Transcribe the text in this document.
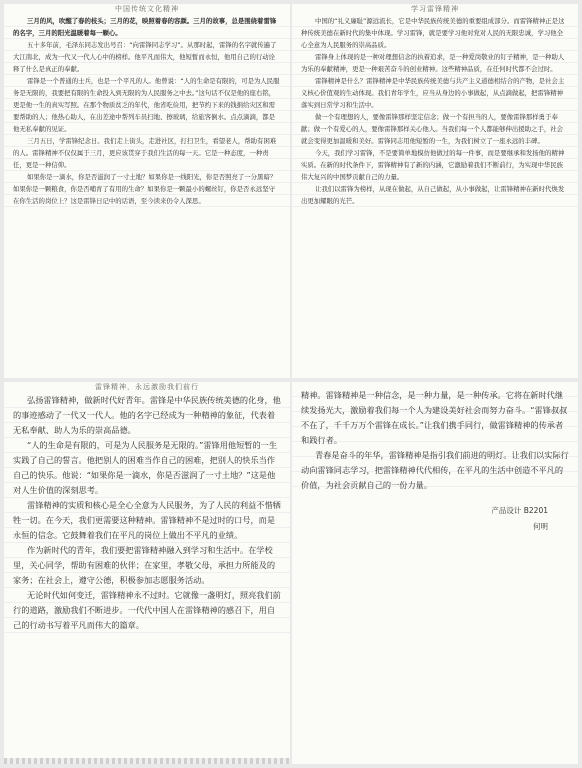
中国传统文化精神

三月的风，吹醒了春的枝头；三月的花，映照着春的容颜。三月的故事，总是围绕着雷锋的名字，三月的阳光温暖着每一颗心。

五十多年前，毛泽东同志发出号召：“向雷锋同志学习”。从那时起，雷锋的名字就传遍了大江南北，成为一代又一代人心中的榜样。他平凡而伟大，他短暂而永恒，他用自己的行动诠释了什么是真正的奉献。

雷锋是一个普通的士兵，也是一个平凡的人。他曾说：“人的生命是有限的，可是为人民服务是无限的，我要把有限的生命投入到无限的为人民服务之中去。”这句话不仅是他的座右铭，更是他一生的真实写照。在那个物质贫乏的年代，他省吃俭用，把节约下来的钱捐给灾区和需要帮助的人；他热心助人，在出差途中帮列车员扫地、擦玻璃，给旅客倒水。点点滴滴，都是他无私奉献的见证。

三月五日，学雷锋纪念日。我们走上街头，走进社区，打扫卫生，看望老人，帮助有困难的人。雷锋精神不仅仅属于三月，更应该贯穿于我们生活的每一天。它是一种态度，一种责任，更是一种信仰。

如果你是一滴水，你是否滋润了一寸土地？如果你是一线阳光，你是否照亮了一分黑暗？如果你是一颗粮食，你是否哺育了有用的生命？如果你是一颗最小的螺丝钉，你是否永远坚守在你生活的岗位上？这是雷锋日记中的话语，至今读来仍令人深思。

学习雷锋精神

中国的“礼义廉耻”源远流长，它是中华民族传统美德的重要组成部分。而雷锋精神正是这种传统美德在新时代的集中体现。学习雷锋，就是要学习他对党对人民的无限忠诚，学习他全心全意为人民服务的崇高品质。

雷锋身上体现的是一种对理想信念的执着追求，是一种爱岗敬业的钉子精神，是一种助人为乐的奉献精神，更是一种艰苦奋斗的创业精神。这些精神品质，在任何时代都不会过时。

雷锋精神是什么？雷锋精神是中华民族传统美德与共产主义道德相结合的产物，是社会主义核心价值观的生动体现。我们青年学生，应当从身边的小事做起，从点滴做起，把雷锋精神落实到日常学习和生活中。

做一个有理想的人，要像雷锋那样坚定信念；做一个有担当的人，要像雷锋那样勇于奉献；做一个有爱心的人，要像雷锋那样关心他人。当我们每一个人都能够伸出援助之手，社会就会变得更加温暖和美好。雷锋同志用他短暂的一生，为我们树立了一座永远的丰碑。

今天，我们学习雷锋，不是要简单地模仿他做过的每一件事，而是要继承和发扬他的精神实质。在新的时代条件下，雷锋精神有了新的内涵，它激励着我们不断前行，为实现中华民族伟大复兴的中国梦贡献自己的力量。

让我们以雷锋为榜样，从现在做起，从自己做起，从小事做起，让雷锋精神在新时代焕发出更加耀眼的光芒。

雷锋精神，永远激励我们前行

弘扬雷锋精神，做新时代好青年。雷锋是中华民族传统美德的化身，他的事迹感动了一代又一代人。他的名字已经成为一种精神的象征，代表着无私奉献、助人为乐的崇高品德。

“人的生命是有限的，可是为人民服务是无限的。”雷锋用他短暂的一生实践了自己的誓言。他把别人的困难当作自己的困难，把别人的快乐当作自己的快乐。他说：“如果你是一滴水，你是否滋润了一寸土地？”这是他对人生价值的深刻思考。

雷锋精神的实质和核心是全心全意为人民服务，为了人民的利益不惜牺牲一切。在今天，我们更需要这种精神。雷锋精神不是过时的口号，而是永恒的信念。它鼓舞着我们在平凡的岗位上做出不平凡的业绩。

作为新时代的青年，我们要把雷锋精神融入到学习和生活中。在学校里，关心同学，帮助有困难的伙伴；在家里，孝敬父母，承担力所能及的家务；在社会上，遵守公德，积极参加志愿服务活动。

无论时代如何变迁，雷锋精神永不过时。它就像一盏明灯，照亮我们前行的道路，激励我们不断进步。一代代中国人在雷锋精神的感召下，用自己的行动书写着平凡而伟大的篇章。

精神。雷锋精神是一种信念，是一种力量，是一种传承。它将在新时代继续发扬光大，激励着我们每一个人为建设美好社会而努力奋斗。“雷锋叔叔不在了，千千万万个雷锋在成长。”让我们携手同行，做雷锋精神的传承者和践行者。

青春是奋斗的年华，雷锋精神是指引我们前进的明灯。让我们以实际行动向雷锋同志学习，把雷锋精神代代相传，在平凡的生活中创造不平凡的价值，为社会贡献自己的一份力量。

产品设计 B2201
何明
